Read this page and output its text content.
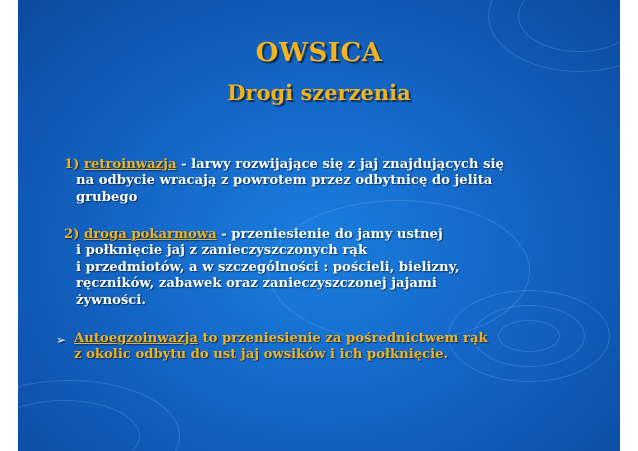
OWSICA
Drogi szerzenia
1) retroinwazja - larwy rozwijające się z jaj znajdujących się
na odbycie wracają z powrotem przez odbytnicę do jelita
grubego
2) droga pokarmowa - przeniesienie do jamy ustnej
i połknięcie jaj z zanieczyszczonych rąk
i przedmiotów, a w szczególności : pościeli, bielizny,
ręczników, zabawek oraz zanieczyszczonej jajami
żywności.
➢ Autoegzoinwazja to przeniesienie za pośrednictwem rąk
z okolic odbytu do ust jaj owsików i ich połknięcie.
